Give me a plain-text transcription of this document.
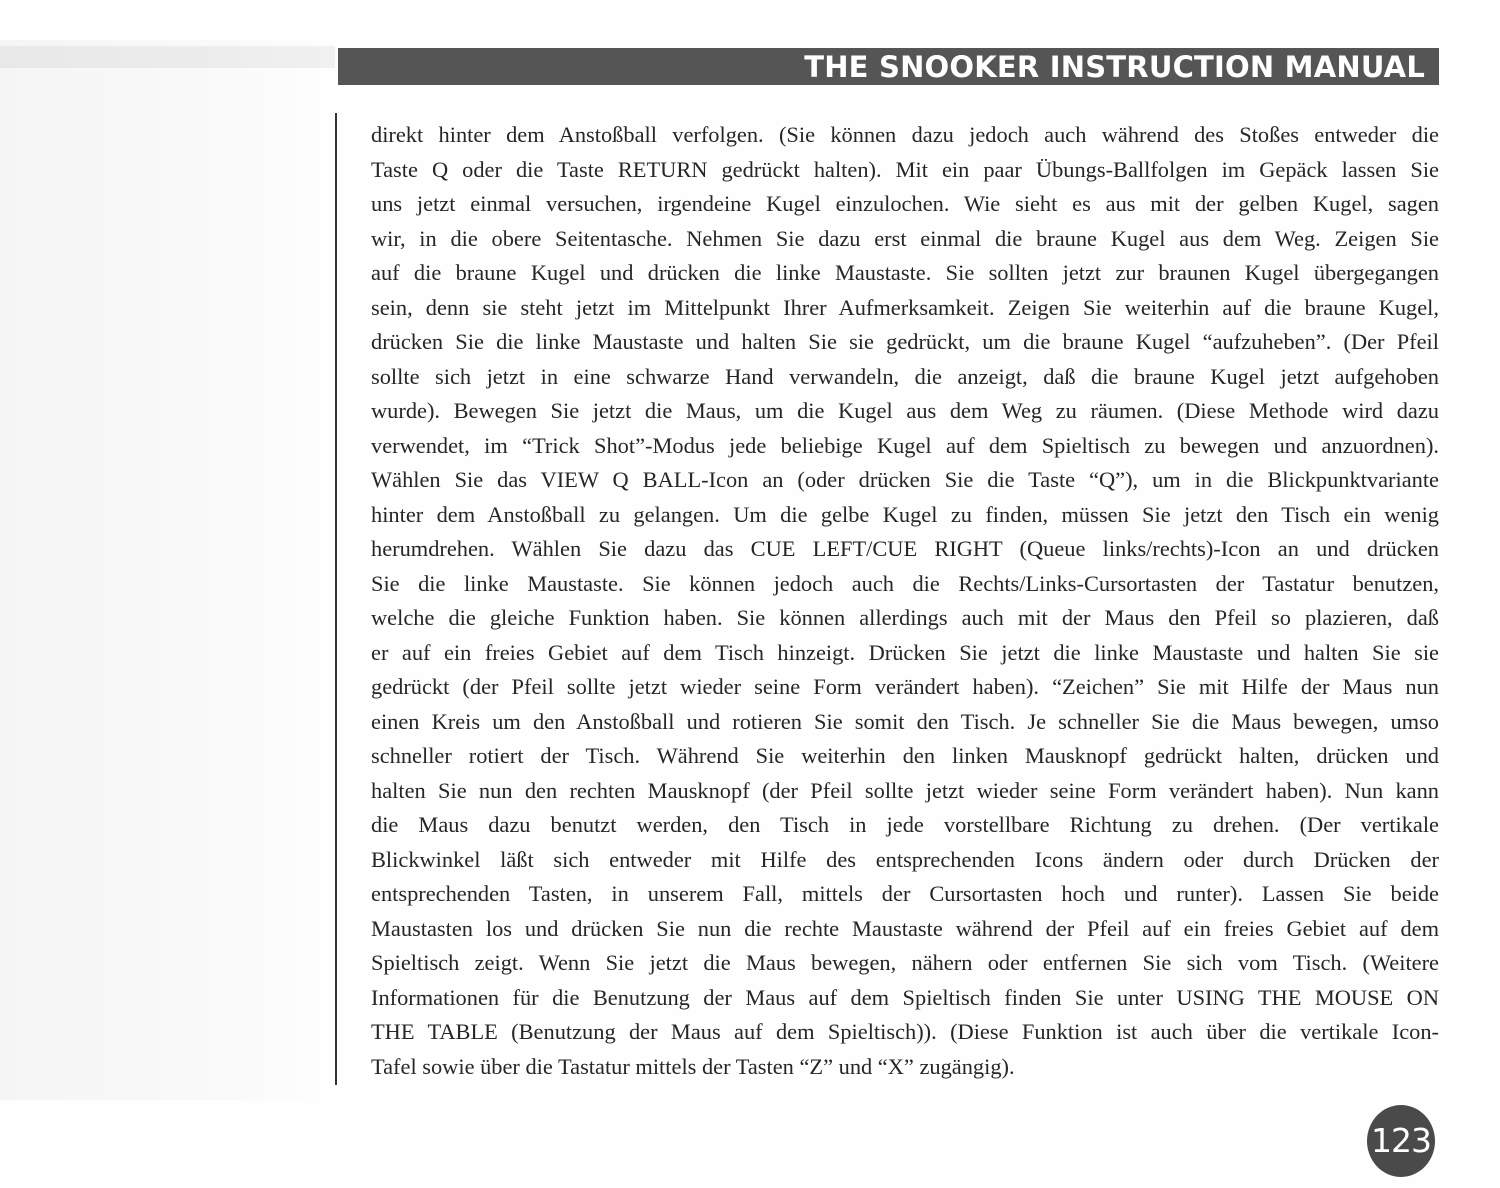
THE SNOOKER INSTRUCTION MANUAL
direkt hinter dem Anstoßball verfolgen. (Sie können dazu jedoch auch während des Stoßes entweder die
Taste Q oder die Taste RETURN gedrückt halten). Mit ein paar Übungs-Ballfolgen im Gepäck lassen Sie
uns jetzt einmal versuchen, irgendeine Kugel einzulochen. Wie sieht es aus mit der gelben Kugel, sagen
wir, in die obere Seitentasche. Nehmen Sie dazu erst einmal die braune Kugel aus dem Weg. Zeigen Sie
auf die braune Kugel und drücken die linke Maustaste. Sie sollten jetzt zur braunen Kugel übergegangen
sein, denn sie steht jetzt im Mittelpunkt Ihrer Aufmerksamkeit. Zeigen Sie weiterhin auf die braune Kugel,
drücken Sie die linke Maustaste und halten Sie sie gedrückt, um die braune Kugel “aufzuheben”. (Der Pfeil
sollte sich jetzt in eine schwarze Hand verwandeln, die anzeigt, daß die braune Kugel jetzt aufgehoben
wurde). Bewegen Sie jetzt die Maus, um die Kugel aus dem Weg zu räumen. (Diese Methode wird dazu
verwendet, im “Trick Shot”-Modus jede beliebige Kugel auf dem Spieltisch zu bewegen und anzuordnen).
Wählen Sie das VIEW Q BALL-Icon an (oder drücken Sie die Taste “Q”), um in die Blickpunktvariante
hinter dem Anstoßball zu gelangen. Um die gelbe Kugel zu finden, müssen Sie jetzt den Tisch ein wenig
herumdrehen. Wählen Sie dazu das CUE LEFT/CUE RIGHT (Queue links/rechts)-Icon an und drücken
Sie die linke Maustaste. Sie können jedoch auch die Rechts/Links-Cursortasten der Tastatur benutzen,
welche die gleiche Funktion haben. Sie können allerdings auch mit der Maus den Pfeil so plazieren, daß
er auf ein freies Gebiet auf dem Tisch hinzeigt. Drücken Sie jetzt die linke Maustaste und halten Sie sie
gedrückt (der Pfeil sollte jetzt wieder seine Form verändert haben). “Zeichen” Sie mit Hilfe der Maus nun
einen Kreis um den Anstoßball und rotieren Sie somit den Tisch. Je schneller Sie die Maus bewegen, umso
schneller rotiert der Tisch. Während Sie weiterhin den linken Mausknopf gedrückt halten, drücken und
halten Sie nun den rechten Mausknopf (der Pfeil sollte jetzt wieder seine Form verändert haben). Nun kann
die Maus dazu benutzt werden, den Tisch in jede vorstellbare Richtung zu drehen. (Der vertikale
Blickwinkel läßt sich entweder mit Hilfe des entsprechenden Icons ändern oder durch Drücken der
entsprechenden Tasten, in unserem Fall, mittels der Cursortasten hoch und runter). Lassen Sie beide
Maustasten los und drücken Sie nun die rechte Maustaste während der Pfeil auf ein freies Gebiet auf dem
Spieltisch zeigt. Wenn Sie jetzt die Maus bewegen, nähern oder entfernen Sie sich vom Tisch. (Weitere
Informationen für die Benutzung der Maus auf dem Spieltisch finden Sie unter USING THE MOUSE ON
THE TABLE (Benutzung der Maus auf dem Spieltisch)). (Diese Funktion ist auch über die vertikale Icon-
Tafel sowie über die Tastatur mittels der Tasten “Z” und “X” zugängig).
123
